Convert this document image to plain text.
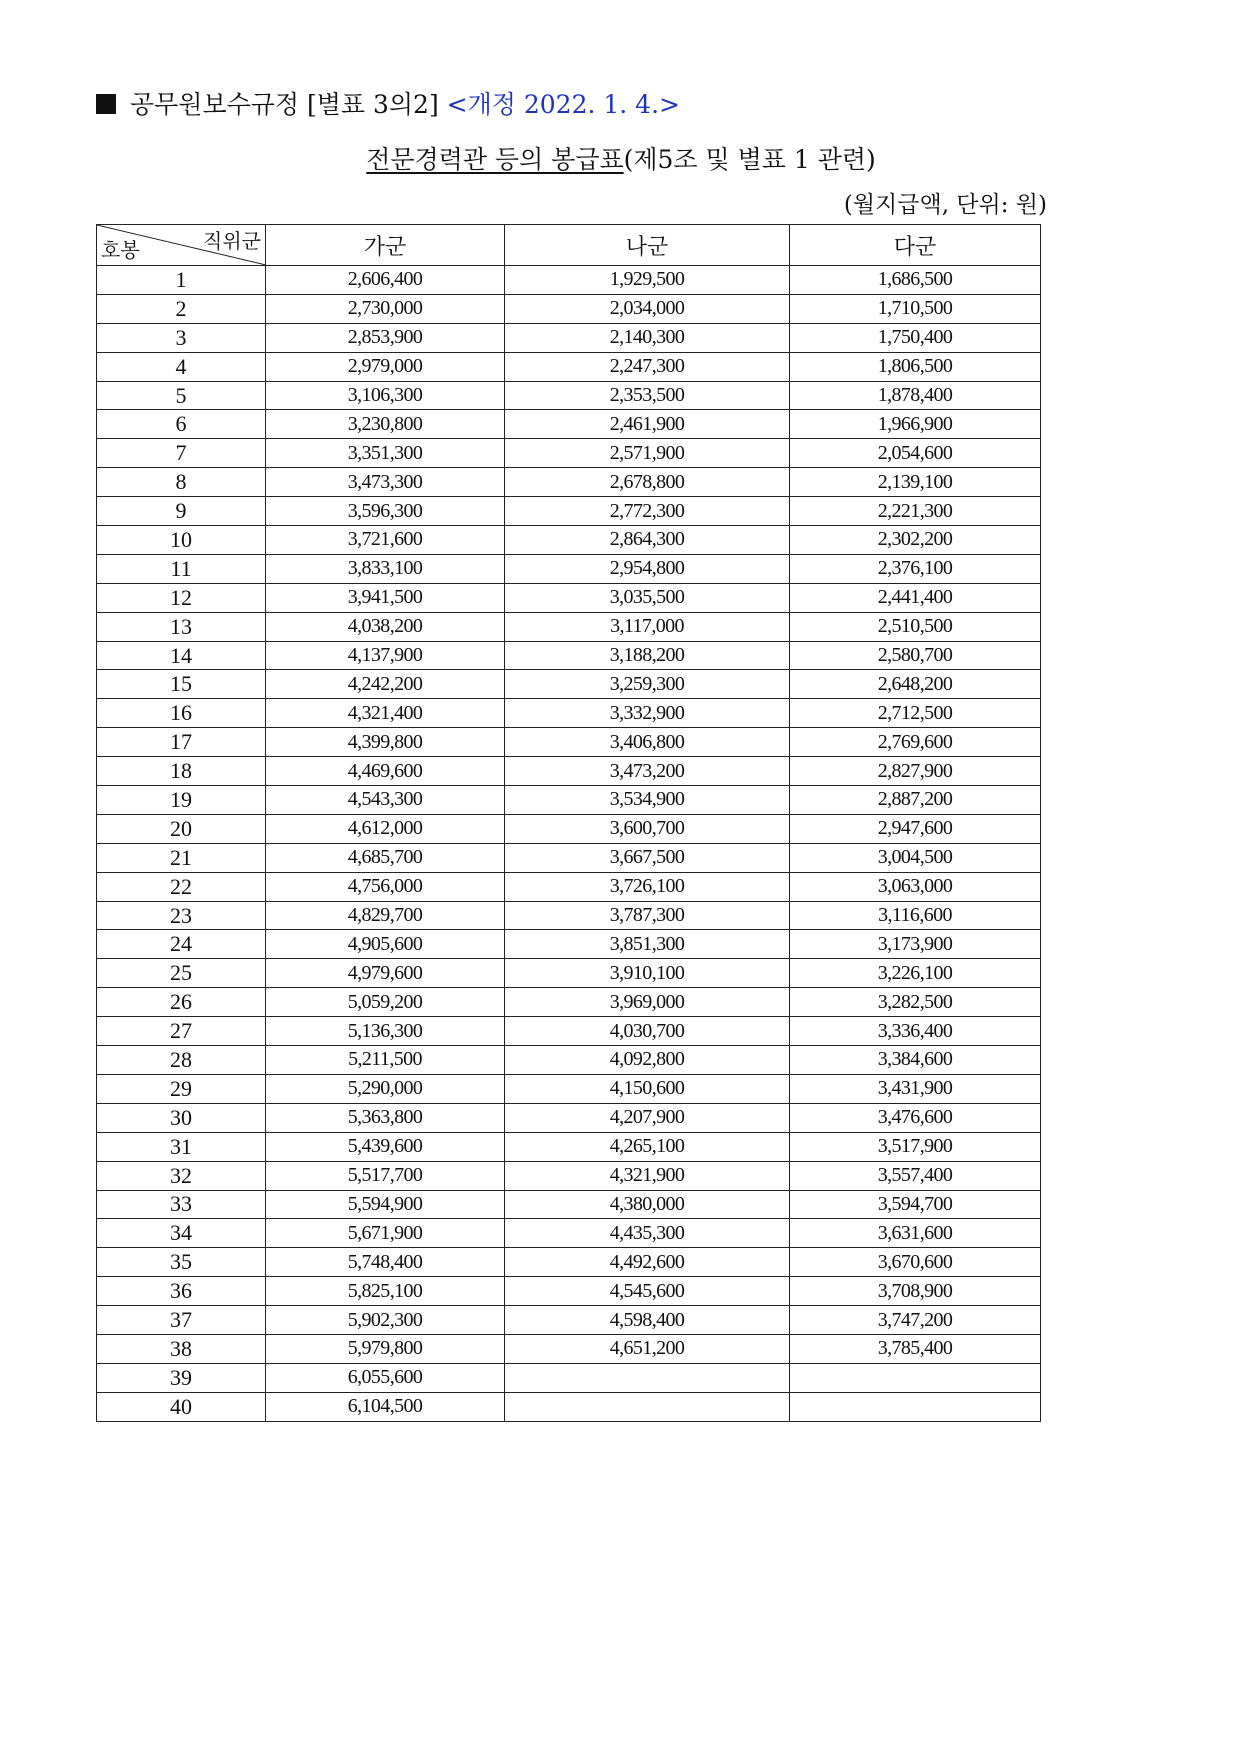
공무원보수규정 [별표 3의2] <개정 2022. 1. 4.>
전문경력관 등의 봉급표(제5조 및 별표 1 관련)
(월지급액, 단위: 원)
직위군
호봉	가군	나군	다군
1	2,606,400	1,929,500	1,686,500
2	2,730,000	2,034,000	1,710,500
3	2,853,900	2,140,300	1,750,400
4	2,979,000	2,247,300	1,806,500
5	3,106,300	2,353,500	1,878,400
6	3,230,800	2,461,900	1,966,900
7	3,351,300	2,571,900	2,054,600
8	3,473,300	2,678,800	2,139,100
9	3,596,300	2,772,300	2,221,300
10	3,721,600	2,864,300	2,302,200
11	3,833,100	2,954,800	2,376,100
12	3,941,500	3,035,500	2,441,400
13	4,038,200	3,117,000	2,510,500
14	4,137,900	3,188,200	2,580,700
15	4,242,200	3,259,300	2,648,200
16	4,321,400	3,332,900	2,712,500
17	4,399,800	3,406,800	2,769,600
18	4,469,600	3,473,200	2,827,900
19	4,543,300	3,534,900	2,887,200
20	4,612,000	3,600,700	2,947,600
21	4,685,700	3,667,500	3,004,500
22	4,756,000	3,726,100	3,063,000
23	4,829,700	3,787,300	3,116,600
24	4,905,600	3,851,300	3,173,900
25	4,979,600	3,910,100	3,226,100
26	5,059,200	3,969,000	3,282,500
27	5,136,300	4,030,700	3,336,400
28	5,211,500	4,092,800	3,384,600
29	5,290,000	4,150,600	3,431,900
30	5,363,800	4,207,900	3,476,600
31	5,439,600	4,265,100	3,517,900
32	5,517,700	4,321,900	3,557,400
33	5,594,900	4,380,000	3,594,700
34	5,671,900	4,435,300	3,631,600
35	5,748,400	4,492,600	3,670,600
36	5,825,100	4,545,600	3,708,900
37	5,902,300	4,598,400	3,747,200
38	5,979,800	4,651,200	3,785,400
39	6,055,600		
40	6,104,500		
